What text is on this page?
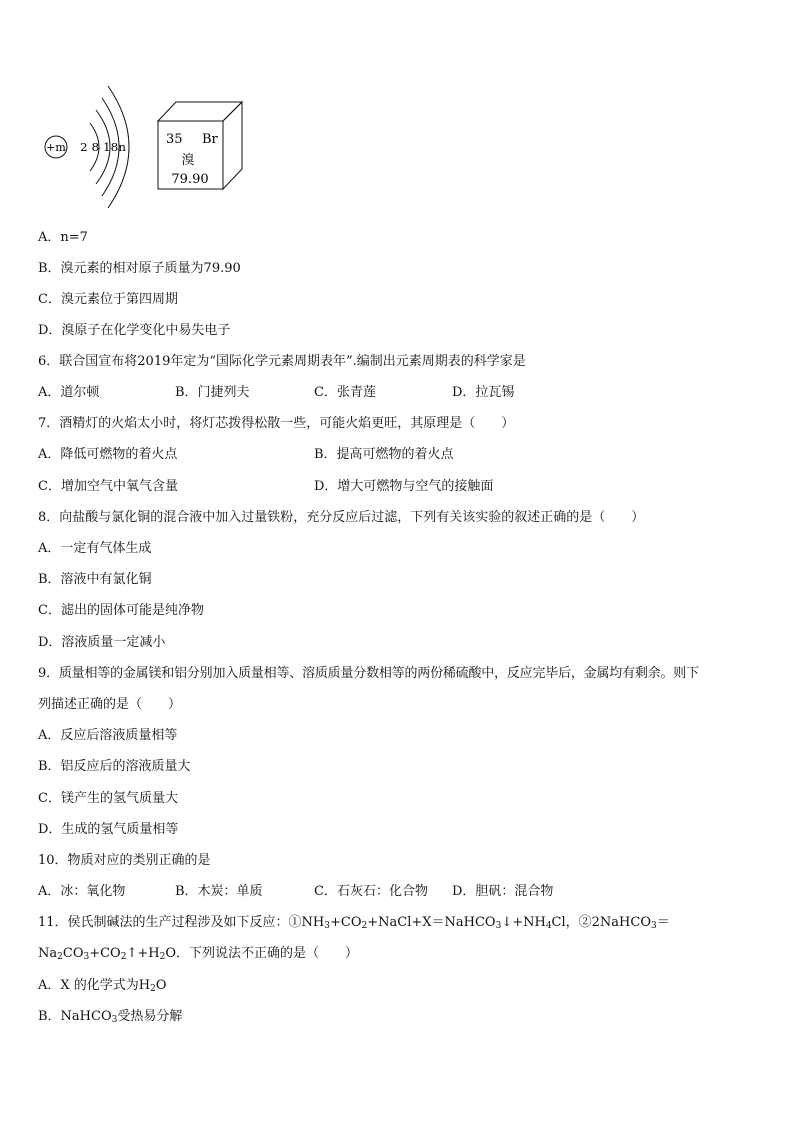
+m 2 8 18n
35 Br
溴
79.90
A．n=7
B．溴元素的相对原子质量为79.90
C．溴元素位于第四周期
D．溴原子在化学变化中易失电子
6．联合国宣布将2019年定为“国际化学元素周期表年”.编制出元素周期表的科学家是
A．道尔顿	B．门捷列夫	C．张青莲	D．拉瓦锡
7．酒精灯的火焰太小时，将灯芯拨得松散一些，可能火焰更旺，其原理是（　　）
A．降低可燃物的着火点	B．提高可燃物的着火点
C．增加空气中氧气含量	D．增大可燃物与空气的接触面
8．向盐酸与氯化铜的混合液中加入过量铁粉，充分反应后过滤，下列有关该实验的叙述正确的是（　　）
A．一定有气体生成
B．溶液中有氯化铜
C．滤出的固体可能是纯净物
D．溶液质量一定减小
9．质量相等的金属镁和铝分别加入质量相等、溶质质量分数相等的两份稀硫酸中，反应完毕后，金属均有剩余。则下
列描述正确的是（　　）
A．反应后溶液质量相等
B．铝反应后的溶液质量大
C．镁产生的氢气质量大
D．生成的氢气质量相等
10．物质对应的类别正确的是
A．冰：氧化物	B．木炭：单质	C．石灰石：化合物 D．胆矾：混合物
11．侯氏制碱法的生产过程涉及如下反应：$①NH_3+CO_2+NaCl+X=NaHCO_3↓+NH_4Cl$，②2NaHCO$_3$＝
$Na_2CO_3+CO_2↑+H_2O$．下列说法不正确的是（　　）
A．X 的化学式为$H_2O$
B．NaHCO$_3$受热易分解
